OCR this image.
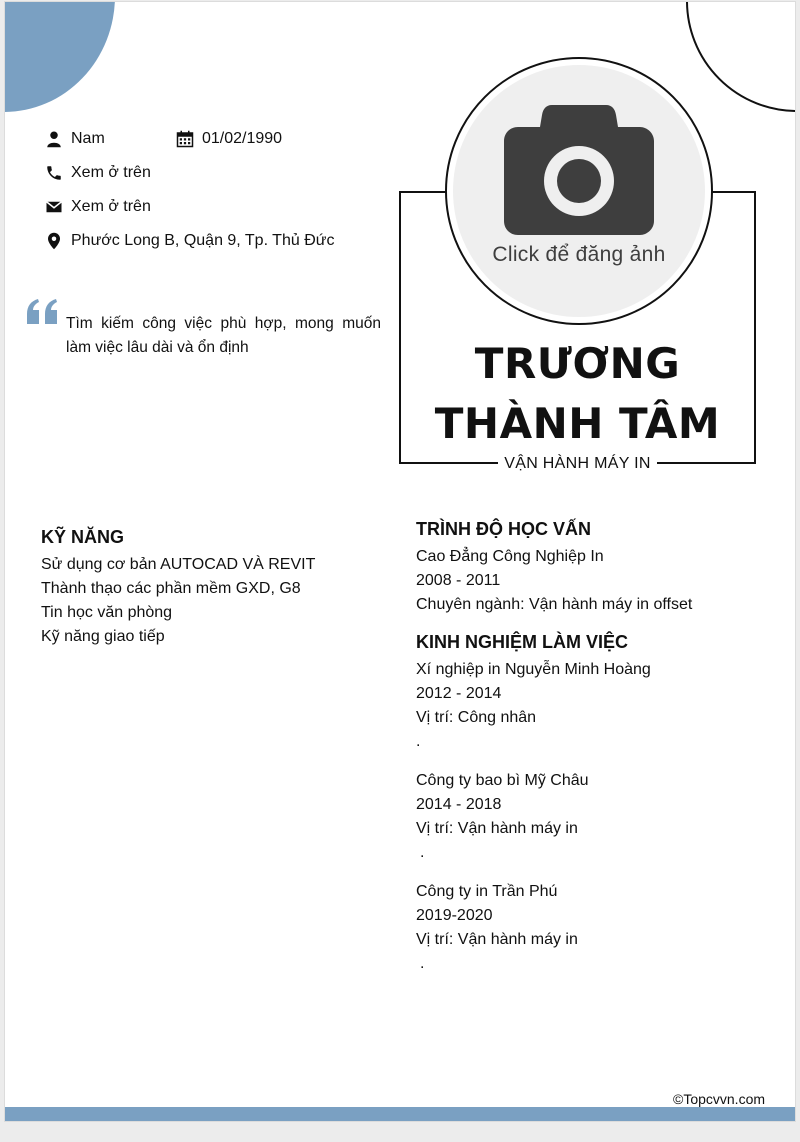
Nam	01/02/1990
Xem ở trên
Xem ở trên
Phước Long B, Quận 9, Tp. Thủ Đức
Tìm kiếm công việc phù hợp, mong muốn làm việc lâu dài và ổn định
VẬN HÀNH MÁY IN
Click để đăng ảnh
TRƯƠNG
THÀNH TÂM
KỸ NĂNG
Sử dụng cơ bản AUTOCAD VÀ REVIT
Thành thạo các phần mềm GXD, G8
Tin học văn phòng
Kỹ năng giao tiếp
TRÌNH ĐỘ HỌC VẤN
Cao Đẳng Công Nghiệp In
2008 - 2011
Chuyên ngành: Vận hành máy in offset
KINH NGHIỆM LÀM VIỆC
Xí nghiệp in Nguyễn Minh Hoàng
2012 - 2014
Vị trí: Công nhân
.
Công ty bao bì Mỹ Châu
2014 - 2018
Vị trí: Vận hành máy in
.
Công ty in Trần Phú
2019-2020
Vị trí: Vận hành máy in
.
©Topcvvn.com
